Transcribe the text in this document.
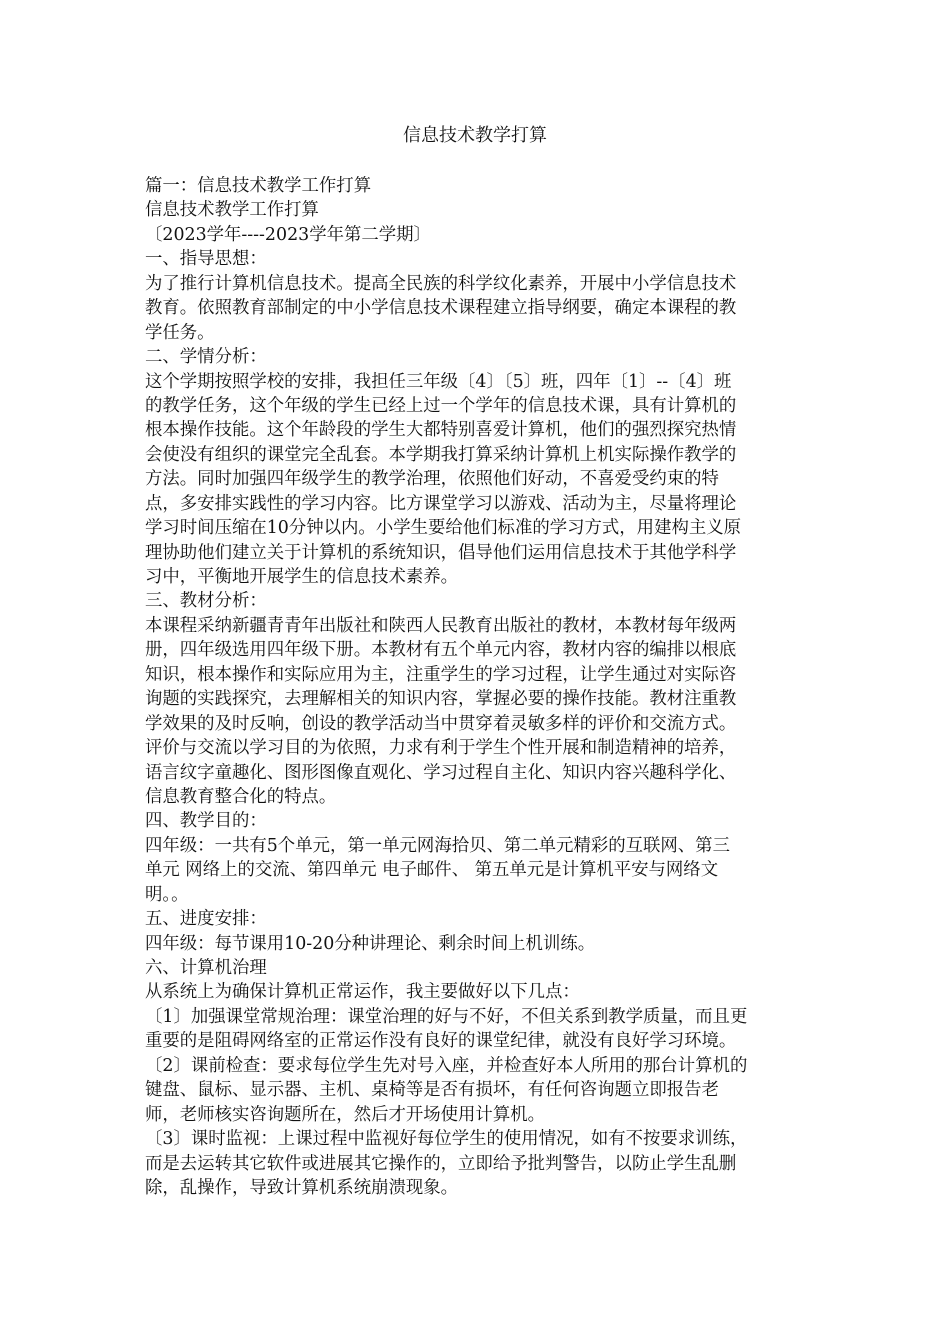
信息技术教学打算
篇一：信息技术教学工作打算
信息技术教学工作打算
〔2023学年----2023学年第二学期〕
一、指导思想：
为了推行计算机信息技术。提高全民族的科学纹化素养，开展中小学信息技术
教育。依照教育部制定的中小学信息技术课程建立指导纲要，确定本课程的教
学任务。
二、学情分析：
这个学期按照学校的安排，我担任三年级〔4〕〔5〕班，四年〔1〕--〔4〕班
的教学任务，这个年级的学生已经上过一个学年的信息技术课，具有计算机的
根本操作技能。这个年龄段的学生大都特别喜爱计算机，他们的强烈探究热情
会使没有组织的课堂完全乱套。本学期我打算采纳计算机上机实际操作教学的
方法。同时加强四年级学生的教学治理，依照他们好动，不喜爱受约束的特
点，多安排实践性的学习内容。比方课堂学习以游戏、活动为主，尽量将理论
学习时间压缩在10分钟以内。小学生要给他们标准的学习方式，用建构主义原
理协助他们建立关于计算机的系统知识，倡导他们运用信息技术于其他学科学
习中，平衡地开展学生的信息技术素养。
三、教材分析：
本课程采纳新疆青青年出版社和陕西人民教育出版社的教材，本教材每年级两
册，四年级选用四年级下册。本教材有五个单元内容，教材内容的编排以根底
知识，根本操作和实际应用为主，注重学生的学习过程，让学生通过对实际咨
询题的实践探究，去理解相关的知识内容，掌握必要的操作技能。教材注重教
学效果的及时反响，创设的教学活动当中贯穿着灵敏多样的评价和交流方式。
评价与交流以学习目的为依照，力求有利于学生个性开展和制造精神的培养，
语言纹字童趣化、图形图像直观化、学习过程自主化、知识内容兴趣科学化、
信息教育整合化的特点。
四、教学目的：
四年级：一共有5个单元，第一单元网海拾贝、第二单元精彩的互联网、第三
单元 网络上的交流、第四单元 电子邮件、 第五单元是计算机平安与网络文
明。。
五、进度安排：
四年级：每节课用10-20分种讲理论、剩余时间上机训练。
六、计算机治理
从系统上为确保计算机正常运作，我主要做好以下几点：
〔1〕加强课堂常规治理：课堂治理的好与不好，不但关系到教学质量，而且更
重要的是阻碍网络室的正常运作没有良好的课堂纪律，就没有良好学习环境。
〔2〕课前检查：要求每位学生先对号入座，并检查好本人所用的那台计算机的
键盘、鼠标、显示器、主机、桌椅等是否有损坏，有任何咨询题立即报告老
师，老师核实咨询题所在，然后才开场使用计算机。
〔3〕课时监视：上课过程中监视好每位学生的使用情况，如有不按要求训练，
而是去运转其它软件或进展其它操作的，立即给予批判警告，以防止学生乱删
除，乱操作，导致计算机系统崩溃现象。
